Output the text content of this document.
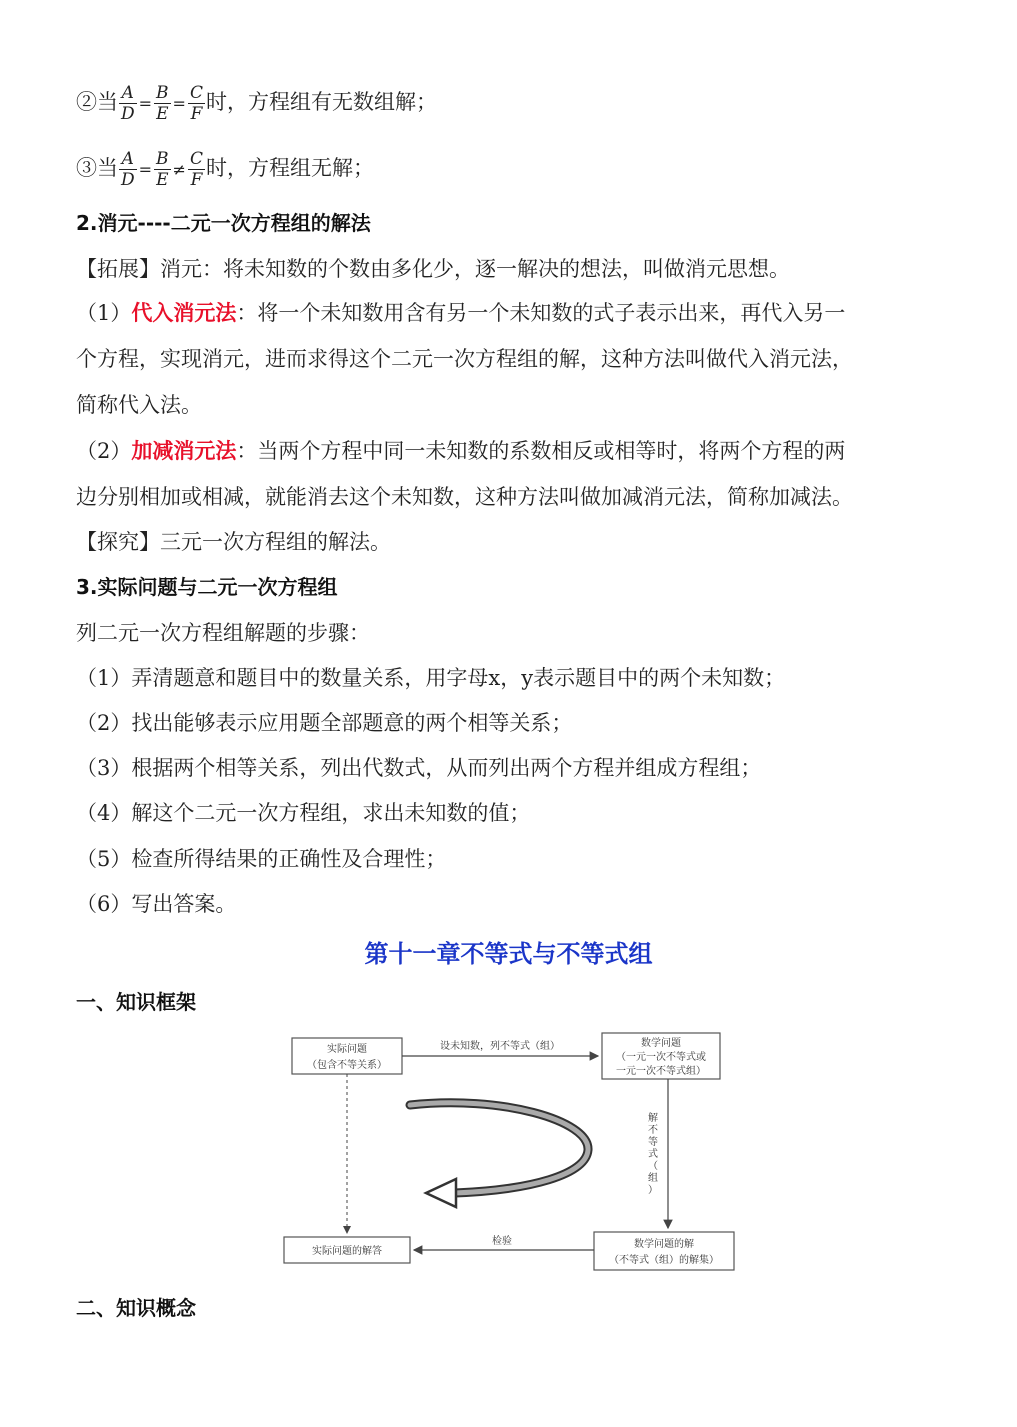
②当 $\frac{A}{D} = \frac{B}{E} = \frac{C}{F}$ 时，方程组有无数组解；
③当 $\frac{A}{D} = \frac{B}{E} \ne \frac{C}{F}$ 时，方程组无解；
2.消元----二元一次方程组的解法
【拓展】消元：将未知数的个数由多化少，逐一解决的想法，叫做消元思想。
（1）代入消元法：将一个未知数用含有另一个未知数的式子表示出来，再代入另一
个方程，实现消元，进而求得这个二元一次方程组的解，这种方法叫做代入消元法，
简称代入法。
（2）加减消元法：当两个方程中同一未知数的系数相反或相等时，将两个方程的两
边分别相加或相减，就能消去这个未知数，这种方法叫做加减消元法，简称加减法。
【探究】三元一次方程组的解法。
3.实际问题与二元一次方程组
列二元一次方程组解题的步骤：
（1）弄清题意和题目中的数量关系，用字母x，y表示题目中的两个未知数；
（2）找出能够表示应用题全部题意的两个相等关系；
（3）根据两个相等关系，列出代数式，从而列出两个方程并组成方程组；
（4）解这个二元一次方程组，求出未知数的值；
（5）检查所得结果的正确性及合理性；
（6）写出答案。
第十一章不等式与不等式组
一、知识框架
实际问题
（包含不等关系）
设未知数，列不等式（组）	数学问题
（一元一次不等式或
一元一次不等式组）
解
不
等
式
（
组
）
数学问题的解
（不等式（组）的解集）
检验
实际问题的解答
二、知识概念
